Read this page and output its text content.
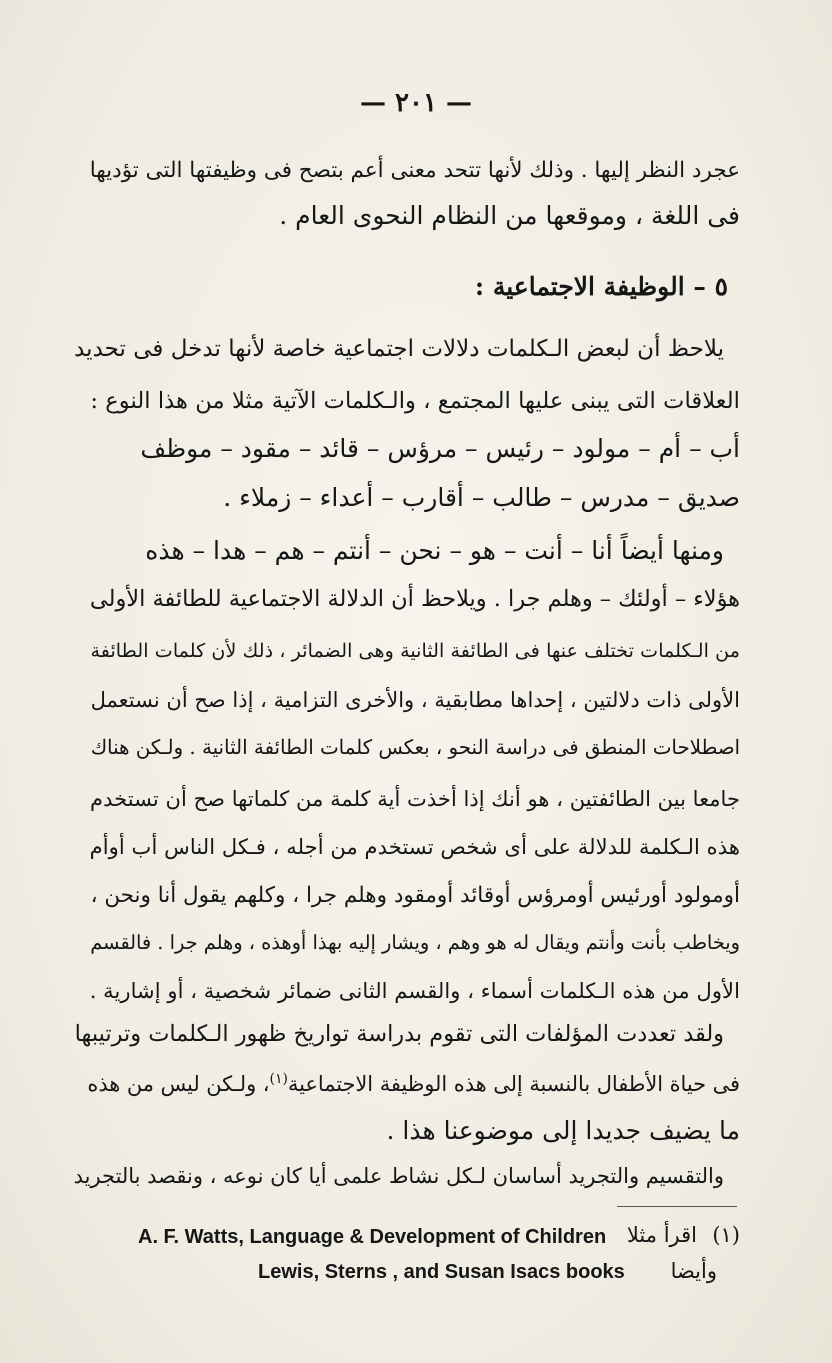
— ٢٠١ —
عجرد النظر إليها . وذلك لأنها تتحد معنى أعم بتصح فى وظيفتها التى تؤديها
فى اللغة ، وموقعها من النظام النحوى العام .
٥ – الوظيفة الاجتماعية :
يلاحظ أن لبعض الـكلمات دلالات اجتماعية خاصة لأنها تدخل فى تحديد
العلاقات التى يبنى عليها المجتمع ، والـكلمات الآتية مثلا من هذا النوع :
أب – أم – مولود – رئيس – مرؤس – قائد – مقود – موظف
صديق – مدرس – طالب – أقارب – أعداء – زملاء .
ومنها أيضاً أنا – أنت – هو – نحن – أنتم – هم – هدا – هذه
هؤلاء – أولئك – وهلم جرا . ويلاحظ أن الدلالة الاجتماعية للطائفة الأولى
من الـكلمات تختلف عنها فى الطائفة الثانية وهى الضمائر ، ذلك لأن كلمات الطائفة
الأولى ذات دلالتين ، إحداها مطابقية ، والأخرى التزامية ، إذا صح أن نستعمل
اصطلاحات المنطق فى دراسة النحو ، بعكس كلمات الطائفة الثانية . ولـكن هناك
جامعا بين الطائفتين ، هو أنك إذا أخذت أية كلمة من كلماتها صح أن تستخدم
هذه الـكلمة للدلالة على أى شخص تستخدم من أجله ، فـكل الناس أب أوأم
أومولود أورئيس أومرؤس أوقائد أومقود وهلم جرا ، وكلهم يقول أنا ونحن ،
ويخاطب بأنت وأنتم ويقال له هو وهم ، ويشار إليه بهذا أوهذه ، وهلم جرا . فالقسم
الأول من هذه الـكلمات أسماء ، والقسم الثانى ضمائر شخصية ، أو إشارية .
ولقد تعددت المؤلفات التى تقوم بدراسة تواريخ ظهور الـكلمات وترتيبها
فى حياة الأطفال بالنسبة إلى هذه الوظيفة الاجتماعية$^{(١)}$، ولـكن ليس من هذه
ما يضيف جديدا إلى موضوعنا هذا .
والتقسيم والتجريد أساسان لـكل نشاط علمى أيا كان نوعه ، ونقصد بالتجريد
(١)
اقرأ مثلا
A. F. Watts, Language & Development of Children
وأيضا
Lewis, Sterns , and Susan Isacs books
